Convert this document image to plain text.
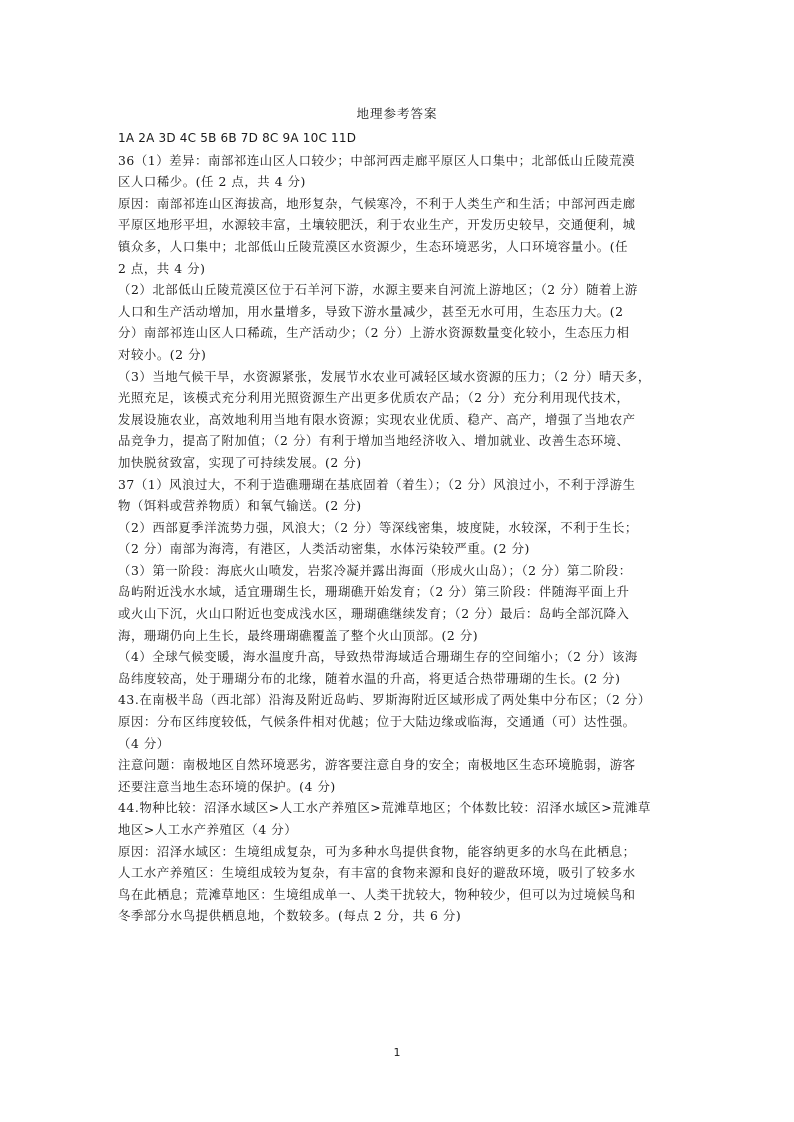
地理参考答案
1A 2A 3D 4C 5B 6B 7D 8C 9A 10C 11D
36（1）差异：南部祁连山区人口较少；中部河西走廊平原区人口集中；北部低山丘陵荒漠
区人口稀少。(任 2 点，共 4 分)
原因：南部祁连山区海拔高，地形复杂，气候寒冷，不利于人类生产和生活；中部河西走廊
平原区地形平坦，水源较丰富，土壤较肥沃，利于农业生产，开发历史较早，交通便利，城
镇众多，人口集中；北部低山丘陵荒漠区水资源少，生态环境恶劣，人口环境容量小。(任
2 点，共 4 分)
（2）北部低山丘陵荒漠区位于石羊河下游，水源主要来自河流上游地区；（2 分）随着上游
人口和生产活动增加，用水量增多，导致下游水量减少，甚至无水可用，生态压力大。(2
分）南部祁连山区人口稀疏，生产活动少；（2 分）上游水资源数量变化较小，生态压力相
对较小。(2 分)
（3）当地气候干旱，水资源紧张，发展节水农业可减轻区域水资源的压力；（2 分）晴天多，
光照充足，该模式充分利用光照资源生产出更多优质农产品；（2 分）充分利用现代技术，
发展设施农业，高效地利用当地有限水资源；实现农业优质、稳产、高产，增强了当地农产
品竞争力，提高了附加值；（2 分）有利于增加当地经济收入、增加就业、改善生态环境、
加快脱贫致富，实现了可持续发展。(2 分)
37（1）风浪过大，不利于造礁珊瑚在基底固着（着生）；（2 分）风浪过小，不利于浮游生
物（饵料或营养物质）和氧气输送。(2 分)
（2）西部夏季洋流势力强，风浪大；（2 分）等深线密集，坡度陡，水较深，不利于生长；
（2 分）南部为海湾，有港区，人类活动密集，水体污染较严重。(2 分)
（3）第一阶段：海底火山喷发，岩浆冷凝并露出海面（形成火山岛）；（2 分）第二阶段：
岛屿附近浅水水域，适宜珊瑚生长，珊瑚礁开始发育；（2 分）第三阶段：伴随海平面上升
或火山下沉，火山口附近也变成浅水区，珊瑚礁继续发育；（2 分）最后：岛屿全部沉降入
海，珊瑚仍向上生长，最终珊瑚礁覆盖了整个火山顶部。(2 分)
（4）全球气候变暖，海水温度升高，导致热带海域适合珊瑚生存的空间缩小；（2 分）该海
岛纬度较高，处于珊瑚分布的北缘，随着水温的升高，将更适合热带珊瑚的生长。(2 分)
43.在南极半岛（西北部）沿海及附近岛屿、罗斯海附近区域形成了两处集中分布区；（2 分）
原因：分布区纬度较低，气候条件相对优越；位于大陆边缘或临海，交通通（可）达性强。
（4 分）
注意问题：南极地区自然环境恶劣，游客要注意自身的安全；南极地区生态环境脆弱，游客
还要注意当地生态环境的保护。(4 分)
44.物种比较：沼泽水域区>人工水产养殖区>荒滩草地区；个体数比较：沼泽水域区>荒滩草
地区>人工水产养殖区（4 分）
原因：沼泽水域区：生境组成复杂，可为多种水鸟提供食物，能容纳更多的水鸟在此栖息；
人工水产养殖区：生境组成较为复杂，有丰富的食物来源和良好的避敌环境，吸引了较多水
鸟在此栖息；荒滩草地区：生境组成单一、人类干扰较大，物种较少，但可以为过境候鸟和
冬季部分水鸟提供栖息地，个数较多。(每点 2 分，共 6 分)
1
